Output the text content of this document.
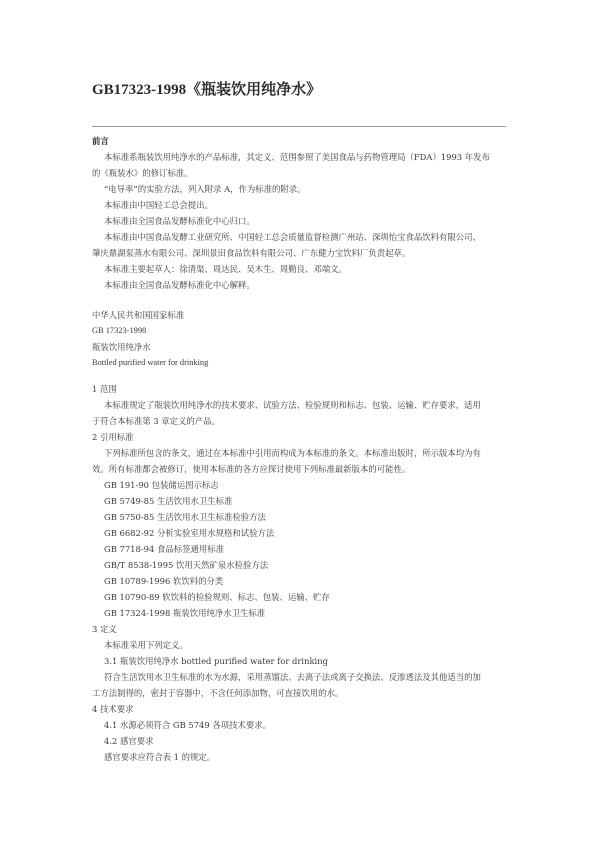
GB17323-1998《瓶装饮用纯净水》

前言

本标准系瓶装饮用纯净水的产品标准，其定义、范围参照了美国食品与药物管理局（FDA）1993 年发布

的《瓶装水》的修订标准。

“电导率”的实验方法，列入附录 A，作为标准的附录。

本标准由中国轻工总会提出。

本标准由全国食品发酵标准化中心归口。

本标准由中国食品发酵工业研究所、中国轻工总会质量监督检测广州站、深圳怡宝食品饮料有限公司、

肇庆鼎湖泵蒸水有限公司、深圳景田食品饮料有限公司、广东健力宝饮料厂负责起草。

本标准主要起草人：徐清渠、周达民、吴木生、周勤良、邓端文。

本标准由全国食品发酵标准化中心解释。

中华人民共和国国家标准

GB 17323-1998

瓶装饮用纯净水

Bottled purified water for drinking

1 范围

本标准规定了瓶装饮用纯净水的技术要求、试验方法、检验规则和标志、包装、运输、贮存要求，适用

于符合本标准第 3 章定义的产品。

2 引用标准

下列标准所包含的条文，通过在本标准中引用而构成为本标准的条文。本标准出版时，所示版本均为有

效。所有标准都会被修订，使用本标准的各方应探讨使用下列标准最新版本的可能性。

GB 191-90 包装储运图示标志

GB 5749-85 生活饮用水卫生标准

GB 5750-85 生活饮用水卫生标准检验方法

GB 6682-92 分析实验室用水规格和试验方法

GB 7718-94 食品标签通用标准

GB/T 8538-1995 饮用天然矿泉水检验方法

GB 10789-1996 软饮料的分类

GB 10790-89 软饮料的检验规则、标志、包装、运输、贮存

GB 17324-1998 瓶装饮用纯净水卫生标准

3 定义

本标准采用下列定义。

3.1 瓶装饮用纯净水 bottled purified water for drinking

符合生活饮用水卫生标准的水为水源，采用蒸馏法、去离子法或离子交换法、反渗透法及其他适当的加

工方法制得的，密封于容器中，不含任何添加物，可直接饮用的水。

4 技术要求

4.1 水源必须符合 GB 5749 各项技术要求。

4.2 感官要求

感官要求应符合表 1 的规定。
